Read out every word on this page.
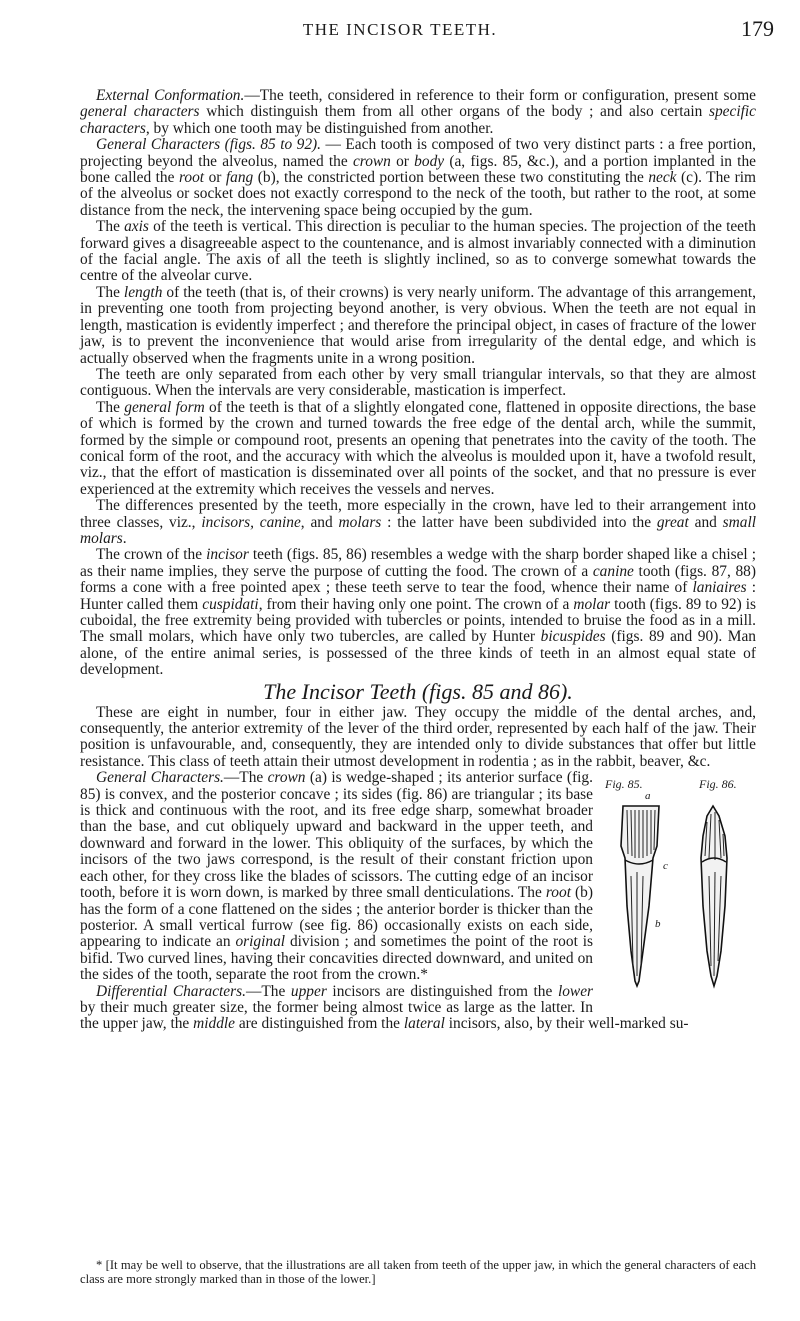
THE INCISOR TEETH.	179

External Conformation.—The teeth, considered in reference to their form or configuration, present some general characters which distinguish them from all other organs of the body ; and also certain specific characters, by which one tooth may be distinguished from another.

General Characters (figs. 85 to 92). — Each tooth is composed of two very distinct parts : a free portion, projecting beyond the alveolus, named the crown or body (a, figs. 85, &c.), and a portion implanted in the bone called the root or fang (b), the constricted portion between these two constituting the neck (c). The rim of the alveolus or socket does not exactly correspond to the neck of the tooth, but rather to the root, at some distance from the neck, the intervening space being occupied by the gum.

The axis of the teeth is vertical. This direction is peculiar to the human species. The projection of the teeth forward gives a disagreeable aspect to the countenance, and is almost invariably connected with a diminution of the facial angle. The axis of all the teeth is slightly inclined, so as to converge somewhat towards the centre of the alveolar curve.

The length of the teeth (that is, of their crowns) is very nearly uniform. The advantage of this arrangement, in preventing one tooth from projecting beyond another, is very obvious. When the teeth are not equal in length, mastication is evidently imperfect ; and therefore the principal object, in cases of fracture of the lower jaw, is to prevent the inconvenience that would arise from irregularity of the dental edge, and which is actually observed when the fragments unite in a wrong position.

The teeth are only separated from each other by very small triangular intervals, so that they are almost contiguous. When the intervals are very considerable, mastication is imperfect.

The general form of the teeth is that of a slightly elongated cone, flattened in opposite directions, the base of which is formed by the crown and turned towards the free edge of the dental arch, while the summit, formed by the simple or compound root, presents an opening that penetrates into the cavity of the tooth. The conical form of the root, and the accuracy with which the alveolus is moulded upon it, have a twofold result, viz., that the effort of mastication is disseminated over all points of the socket, and that no pressure is ever experienced at the extremity which receives the vessels and nerves.

The differences presented by the teeth, more especially in the crown, have led to their arrangement into three classes, viz., incisors, canine, and molars : the latter have been subdivided into the great and small molars.

The crown of the incisor teeth (figs. 85, 86) resembles a wedge with the sharp border shaped like a chisel ; as their name implies, they serve the purpose of cutting the food. The crown of a canine tooth (figs. 87, 88) forms a cone with a free pointed apex ; these teeth serve to tear the food, whence their name of laniaires : Hunter called them cuspidati, from their having only one point. The crown of a molar tooth (figs. 89 to 92) is cuboidal, the free extremity being provided with tubercles or points, intended to bruise the food as in a mill. The small molars, which have only two tubercles, are called by Hunter bicuspides (figs. 89 and 90). Man alone, of the entire animal series, is possessed of the three kinds of teeth in an almost equal state of development.

The Incisor Teeth (figs. 85 and 86).

These are eight in number, four in either jaw. They occupy the middle of the dental arches, and, consequently, the anterior extremity of the lever of the third order, represented by each half of the jaw. Their position is unfavourable, and, consequently, they are intended only to divide substances that offer but little resistance. This class of teeth attain their utmost development in rodentia ; as in the rabbit, beaver, &c.

Fig. 85.	Fig. 86.
c
b
a

General Characters.—The crown (a) is wedge-shaped ; its anterior surface (fig. 85) is convex, and the posterior concave ; its sides (fig. 86) are triangular ; its base is thick and continuous with the root, and its free edge sharp, somewhat broader than the base, and cut obliquely upward and backward in the upper teeth, and downward and forward in the lower. This obliquity of the surfaces, by which the incisors of the two jaws correspond, is the result of their constant friction upon each other, for they cross like the blades of scissors. The cutting edge of an incisor tooth, before it is worn down, is marked by three small denticulations. The root (b) has the form of a cone flattened on the sides ; the anterior border is thicker than the posterior. A small vertical furrow (see fig. 86) occasionally exists on each side, appearing to indicate an original division ; and sometimes the point of the root is bifid. Two curved lines, having their concavities directed downward, and united on the sides of the tooth, separate the root from the crown.*

Differential Characters.—The upper incisors are distinguished from the lower by their much greater size, the former being almost twice as large as the latter. In the upper jaw, the middle are distinguished from the lateral incisors, also, by their well-marked su-

* [It may be well to observe, that the illustrations are all taken from teeth of the upper jaw, in which the general characters of each class are more strongly marked than in those of the lower.]
